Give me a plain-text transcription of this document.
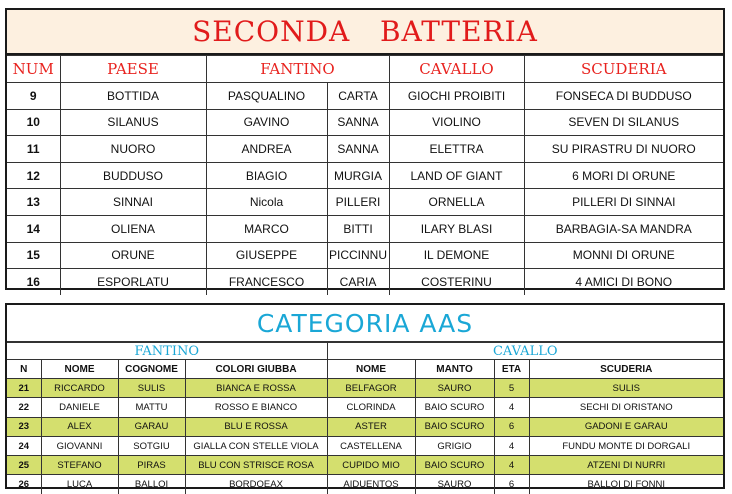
SECONDA   BATTERIA
NUM	PAESE	FANTINO		CAVALLO	SCUDERIA
9	BOTTIDA	PASQUALINO	CARTA	GIOCHI PROIBITI	FONSECA DI BUDDUSO
10	SILANUS	GAVINO	SANNA	VIOLINO	SEVEN DI SILANUS
11	NUORO	ANDREA	SANNA	ELETTRA	SU PIRASTRU DI NUORO
12	BUDDUSO	BIAGIO	MURGIA	LAND OF GIANT	6 MORI DI ORUNE
13	SINNAI	Nicola	PILLERI	ORNELLA	PILLERI DI SINNAI
14	OLIENA	MARCO	BITTI	ILARY BLASI	BARBAGIA-SA MANDRA
15	ORUNE	GIUSEPPE	PICCINNU	IL DEMONE	MONNI DI ORUNE
16	ESPORLATU	FRANCESCO	CARIA	COSTERINU	4 AMICI DI BONO
CATEGORIA AAS
FANTINO				CAVALLO			
N	NOME	COGNOME	COLORI GIUBBA	NOME	MANTO	ETA	SCUDERIA
21	RICCARDO	SULIS	BIANCA E ROSSA	BELFAGOR	SAURO	5	SULIS
22	DANIELE	MATTU	ROSSO E BIANCO	CLORINDA	BAIO SCURO	4	SECHI DI ORISTANO
23	ALEX	GARAU	BLU E ROSSA	ASTER	BAIO SCURO	6	GADONI E GARAU
24	GIOVANNI	SOTGIU	GIALLA CON STELLE VIOLA	CASTELLENA	GRIGIO	4	FUNDU MONTE DI DORGALI
25	STEFANO	PIRAS	BLU CON STRISCE ROSA	CUPIDO MIO	BAIO SCURO	4	ATZENI DI NURRI
26	LUCA	BALLOI	BORDOEAX	AIDUENTOS	SAURO	6	BALLOI DI FONNI
